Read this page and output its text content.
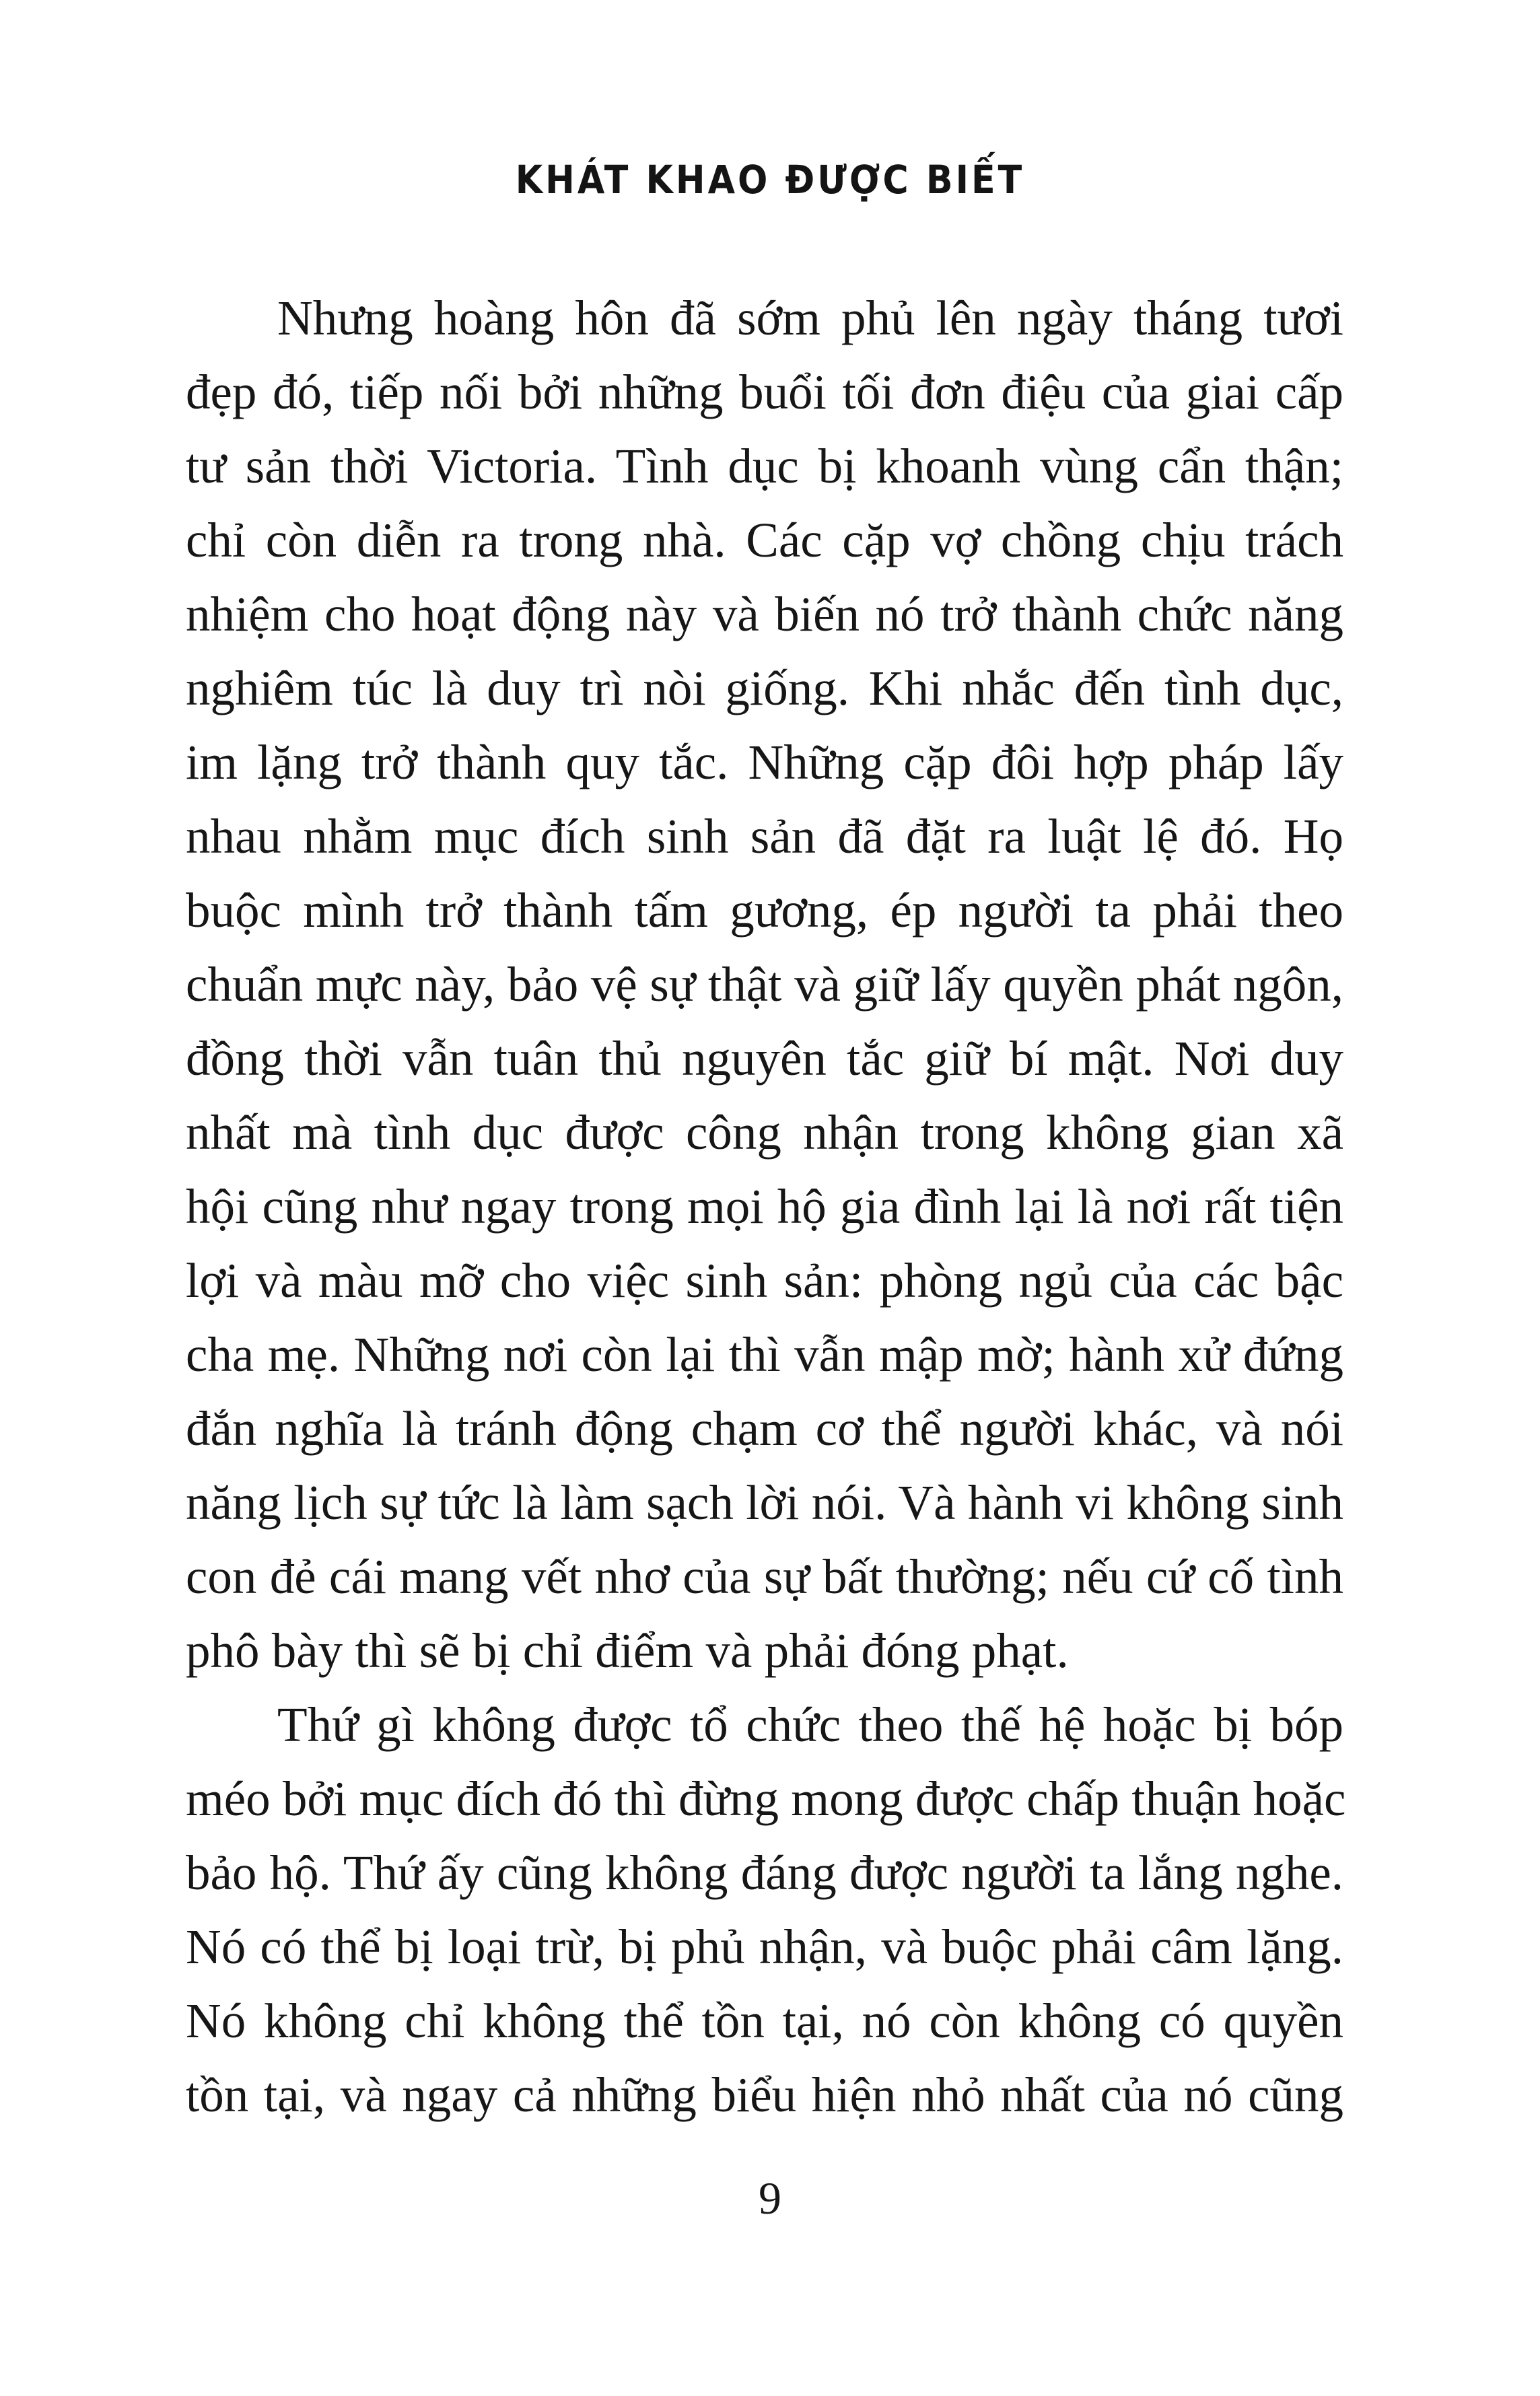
KHÁT KHAO ĐƯỢC BIẾT
Nhưng hoàng hôn đã sớm phủ lên ngày tháng tươi
đẹp đó, tiếp nối bởi những buổi tối đơn điệu của giai cấp
tư sản thời Victoria. Tình dục bị khoanh vùng cẩn thận;
chỉ còn diễn ra trong nhà. Các cặp vợ chồng chịu trách
nhiệm cho hoạt động này và biến nó trở thành chức năng
nghiêm túc là duy trì nòi giống. Khi nhắc đến tình dục,
im lặng trở thành quy tắc. Những cặp đôi hợp pháp lấy
nhau nhằm mục đích sinh sản đã đặt ra luật lệ đó. Họ
buộc mình trở thành tấm gương, ép người ta phải theo
chuẩn mực này, bảo vệ sự thật và giữ lấy quyền phát ngôn,
đồng thời vẫn tuân thủ nguyên tắc giữ bí mật. Nơi duy
nhất mà tình dục được công nhận trong không gian xã
hội cũng như ngay trong mọi hộ gia đình lại là nơi rất tiện
lợi và màu mỡ cho việc sinh sản: phòng ngủ của các bậc
cha mẹ. Những nơi còn lại thì vẫn mập mờ; hành xử đứng
đắn nghĩa là tránh động chạm cơ thể người khác, và nói
năng lịch sự tức là làm sạch lời nói. Và hành vi không sinh
con đẻ cái mang vết nhơ của sự bất thường; nếu cứ cố tình
phô bày thì sẽ bị chỉ điểm và phải đóng phạt.
Thứ gì không được tổ chức theo thế hệ hoặc bị bóp
méo bởi mục đích đó thì đừng mong được chấp thuận hoặc
bảo hộ. Thứ ấy cũng không đáng được người ta lắng nghe.
Nó có thể bị loại trừ, bị phủ nhận, và buộc phải câm lặng.
Nó không chỉ không thể tồn tại, nó còn không có quyền
tồn tại, và ngay cả những biểu hiện nhỏ nhất của nó cũng
9
